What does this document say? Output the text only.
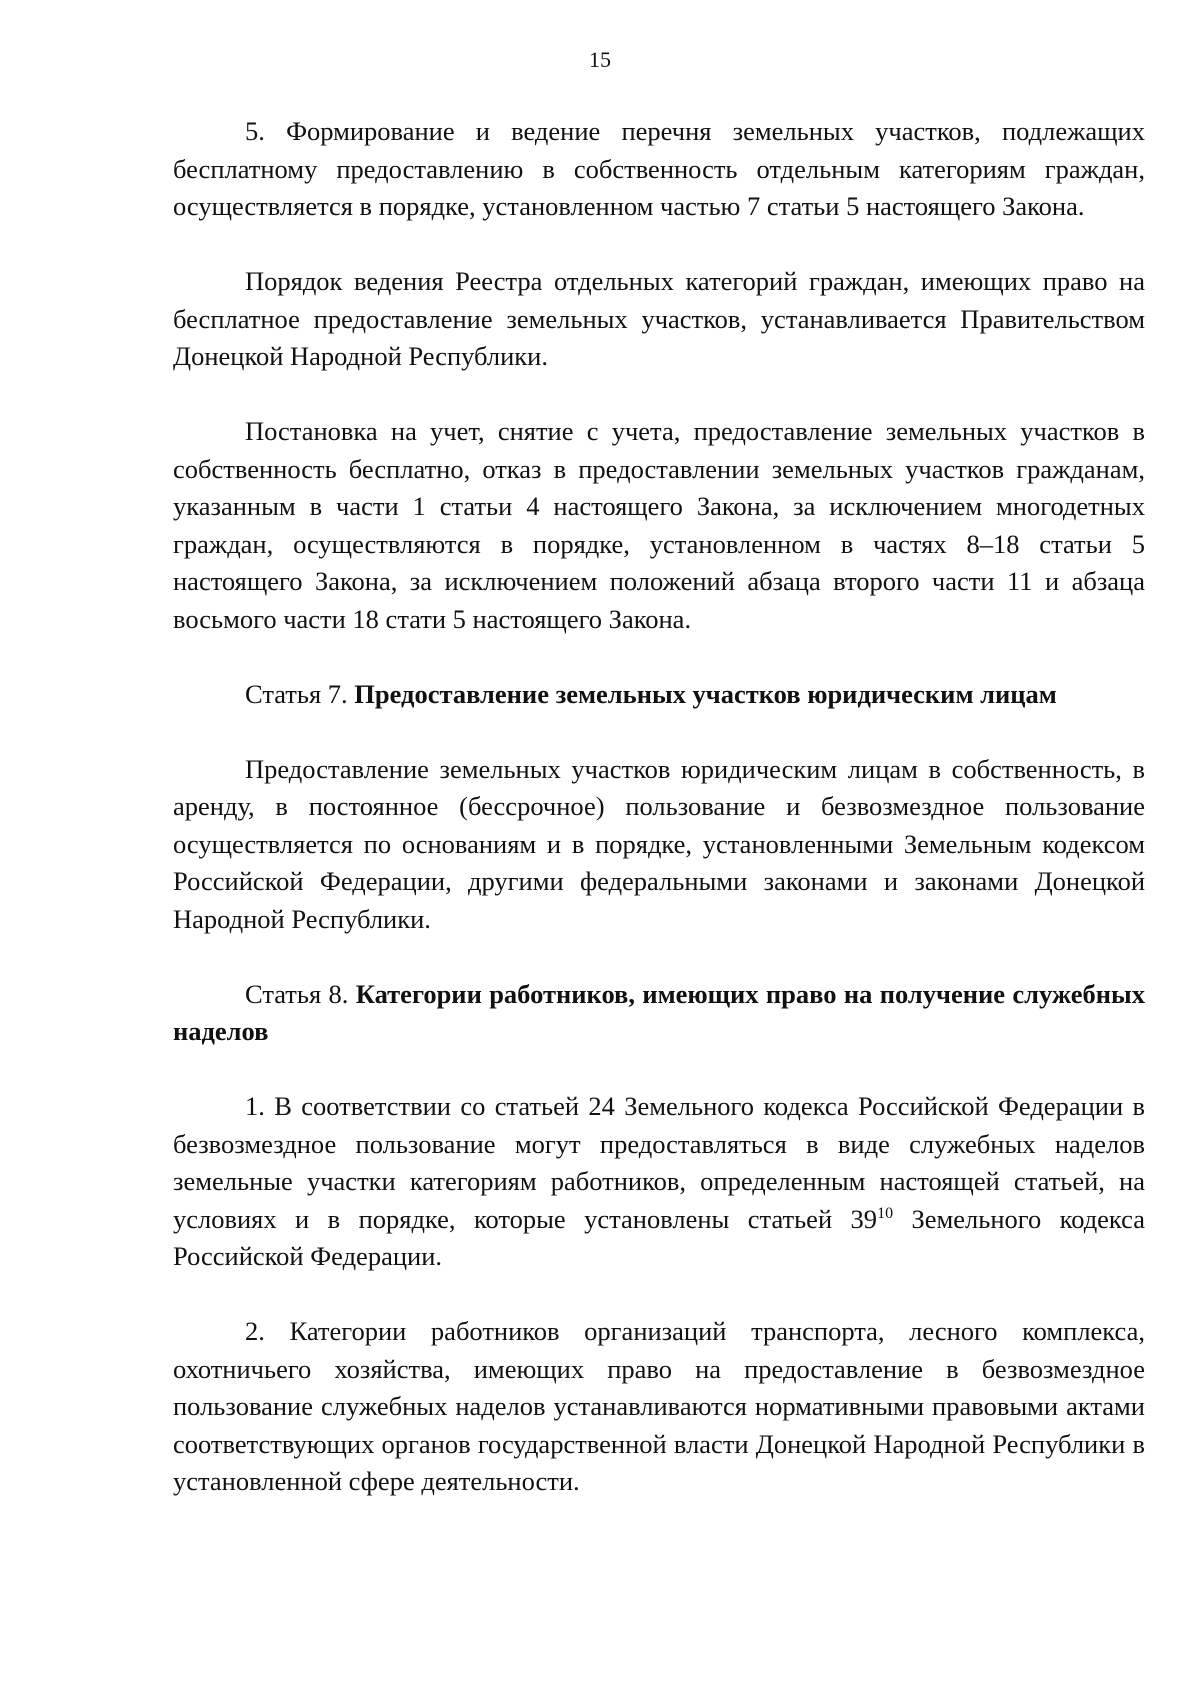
15

5. Формирование и ведение перечня земельных участков, подлежащих бесплатному предоставлению в собственность отдельным категориям граждан, осуществляется в порядке, установленном частью 7 статьи 5 настоящего Закона.

Порядок ведения Реестра отдельных категорий граждан, имеющих право на бесплатное предоставление земельных участков, устанавливается Правительством Донецкой Народной Республики.

Постановка на учет, снятие с учета, предоставление земельных участков в собственность бесплатно, отказ в предоставлении земельных участков гражданам, указанным в части 1 статьи 4 настоящего Закона, за исключением многодетных граждан, осуществляются в порядке, установленном в частях 8–18 статьи 5 настоящего Закона, за исключением положений абзаца второго части 11 и абзаца восьмого части 18 стати 5 настоящего Закона.

Статья 7. Предоставление земельных участков юридическим лицам

Предоставление земельных участков юридическим лицам в собственность, в аренду, в постоянное (бессрочное) пользование и безвозмездное пользование осуществляется по основаниям и в порядке, установленными Земельным кодексом Российской Федерации, другими федеральными законами и законами Донецкой Народной Республики.

Статья 8. Категории работников, имеющих право на получение служебных наделов

1. В соответствии со статьей 24 Земельного кодекса Российской Федерации в безвозмездное пользование могут предоставляться в виде служебных наделов земельные участки категориям работников, определенным настоящей статьей, на условиях и в порядке, которые установлены статьей $39^{10}$ Земельного кодекса Российской Федерации.

2. Категории работников организаций транспорта, лесного комплекса, охотничьего хозяйства, имеющих право на предоставление в безвозмездное пользование служебных наделов устанавливаются нормативными правовыми актами соответствующих органов государственной власти Донецкой Народной Республики в установленной сфере деятельности.
